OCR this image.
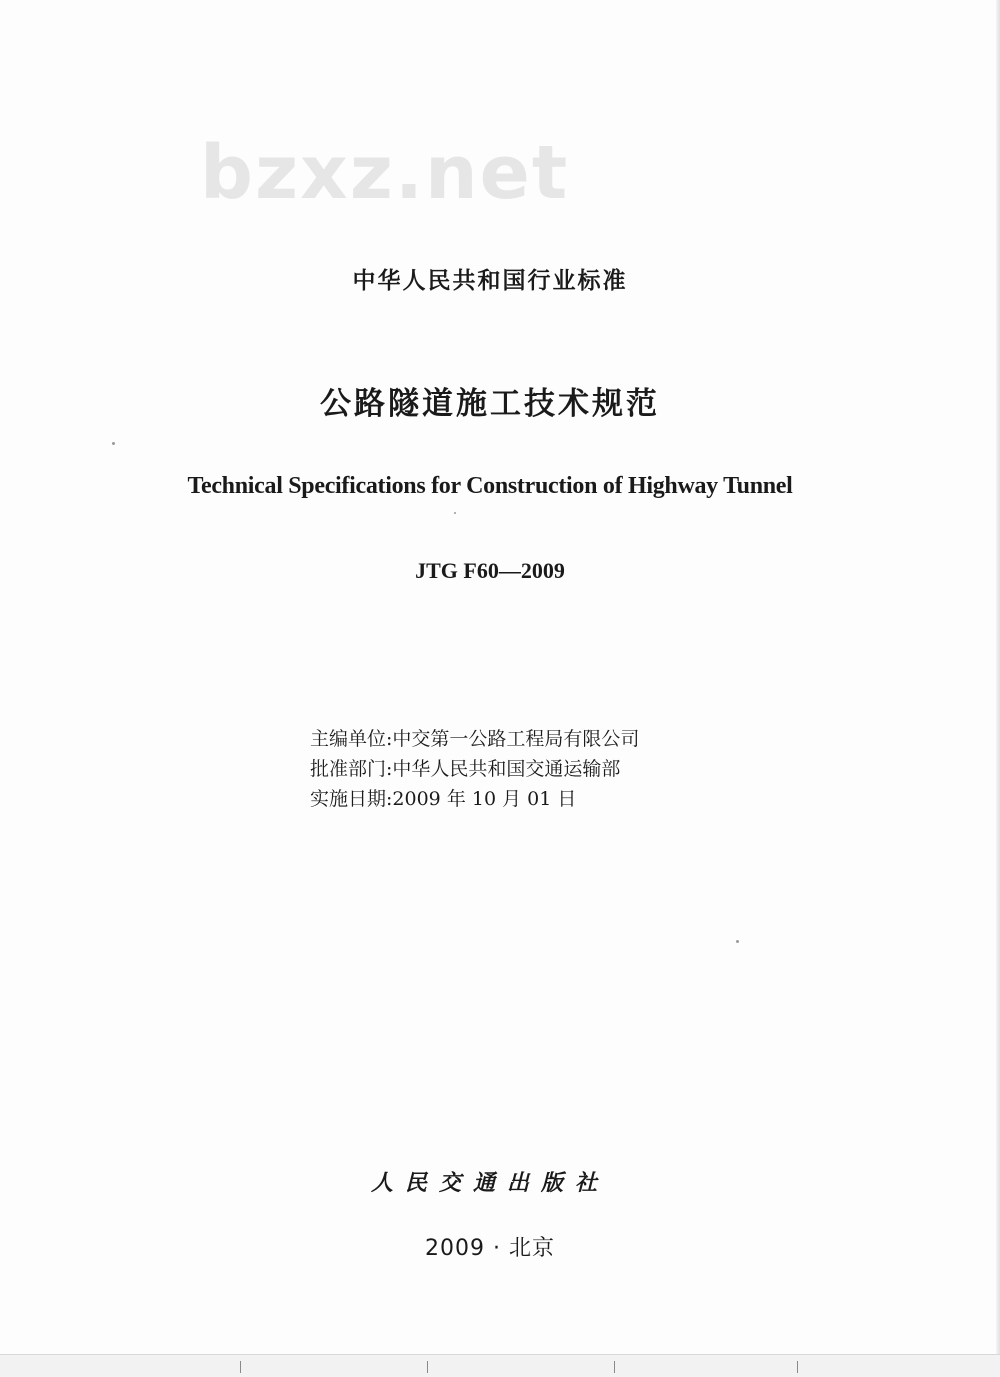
bzxz.net
中华人民共和国行业标准
公路隧道施工技术规范
Technical Specifications for Construction of Highway Tunnel
JTG F60—2009
主编单位:中交第一公路工程局有限公司
批准部门:中华人民共和国交通运输部
实施日期:2009 年 10 月 01 日
人民交通出版社
2009 · 北京
